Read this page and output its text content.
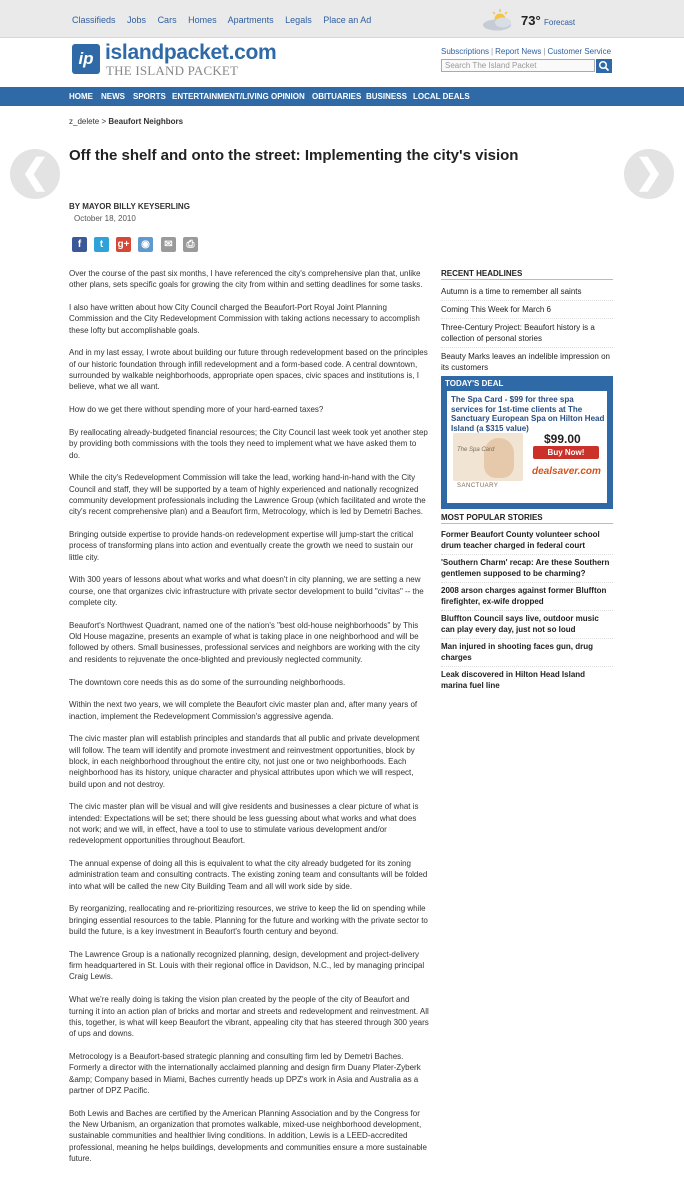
Classifieds Jobs Cars Homes Apartments Legals Place an Ad	73° Forecast
ip islandpacket.com
THE ISLAND PACKET
Subscriptions | Report News | Customer Service
Search The Island Packet
HOME NEWS SPORTS ENTERTAINMENT/LIVING OPINION OBITUARIES BUSINESS LOCAL DEALS
z_delete > Beaufort Neighbors
❮	❯
Off the shelf and onto the street: Implementing the city's vision
BY MAYOR BILLY KEYSERLING
October 18, 2010
f	t	g+	◉	✉	⎙

Over the course of the past six months, I have referenced the city's comprehensive plan that, unlike other plans, sets specific goals for growing the city from within and setting deadlines for some tasks.

I also have written about how City Council charged the Beaufort-Port Royal Joint Planning Commission and the City Redevelopment Commission with taking actions necessary to accomplish these lofty but accomplishable goals.

And in my last essay, I wrote about building our future through redevelopment based on the principles of our historic foundation through infill redevelopment and a form-based code. A central downtown, surrounded by walkable neighborhoods, appropriate open spaces, civic spaces and institutions is, I believe, what we all want.

How do we get there without spending more of your hard-earned taxes?

By reallocating already-budgeted financial resources; the City Council last week took yet another step by providing both commissions with the tools they need to implement what we have asked them to do.

While the city's Redevelopment Commission will take the lead, working hand-in-hand with the City Council and staff, they will be supported by a team of highly experienced and nationally recognized community development professionals including the Lawrence Group (which facilitated and wrote the city's recent comprehensive plan) and a Beaufort firm, Metrocology, which is led by Demetri Baches.

Bringing outside expertise to provide hands-on redevelopment expertise will jump-start the critical process of transforming plans into action and eventually create the growth we need to sustain our little city.

With 300 years of lessons about what works and what doesn't in city planning, we are setting a new course, one that organizes civic infrastructure with private sector development to build "civitas" -- the complete city.

Beaufort's Northwest Quadrant, named one of the nation's "best old-house neighborhoods" by This Old House magazine, presents an example of what is taking place in one neighborhood and will be followed by others. Small businesses, professional services and neighbors are working with the city and residents to rejuvenate the once-blighted and previously neglected community.

The downtown core needs this as do some of the surrounding neighborhoods.

Within the next two years, we will complete the Beaufort civic master plan and, after many years of inaction, implement the Redevelopment Commission's aggressive agenda.

The civic master plan will establish principles and standards that all public and private development will follow. The team will identify and promote investment and reinvestment opportunities, block by block, in each neighborhood throughout the entire city, not just one or two neighborhoods. Each neighborhood has its history, unique character and physical attributes upon which we will respect, build upon and not destroy.

The civic master plan will be visual and will give residents and businesses a clear picture of what is intended: Expectations will be set; there should be less guessing about what works and what does not work; and we will, in effect, have a tool to use to stimulate various development and/or redevelopment opportunities throughout Beaufort.

The annual expense of doing all this is equivalent to what the city already budgeted for its zoning administration team and consulting contracts. The existing zoning team and consultants will be folded into what will be called the new City Building Team and all will work side by side.

By reorganizing, reallocating and re-prioritizing resources, we strive to keep the lid on spending while bringing essential resources to the table. Planning for the future and working with the private sector to build the future, is a key investment in Beaufort's fourth century and beyond.

The Lawrence Group is a nationally recognized planning, design, development and project-delivery firm headquartered in St. Louis with their regional office in Davidson, N.C., led by managing principal Craig Lewis.

What we're really doing is taking the vision plan created by the people of the city of Beaufort and turning it into an action plan of bricks and mortar and streets and redevelopment and reinvestment. All this, together, is what will keep Beaufort the vibrant, appealing city that has steered through 300 years of ups and downs.

Metrocology is a Beaufort-based strategic planning and consulting firm led by Demetri Baches. Formerly a director with the internationally acclaimed planning and design firm Duany Plater-Zyberk &amp; Company based in Miami, Baches currently heads up DPZ's work in Asia and Australia as a partner of DPZ Pacific.

Both Lewis and Baches are certified by the American Planning Association and by the Congress for the New Urbanism, an organization that promotes walkable, mixed-use neighborhood development, sustainable communities and healthier living conditions. In addition, Lewis is a LEED-accredited professional, meaning he helps buildings, developments and communities ensure a more sustainable future.

RECENT HEADLINES
Autumn is a time to remember all saints
Coming This Week for March 6
Three-Century Project: Beaufort history is a collection of personal stories
Beauty Marks leaves an indelible impression on its customers
TODAY'S DEAL
The Spa Card - $99 for three spa services for 1st-time clients at The Sanctuary European Spa on Hilton Head Island (a $315 value)
The Spa Card
SANCTUARY
$99.00
Buy Now!
dealsaver.com
MOST POPULAR STORIES
Former Beaufort County volunteer school drum teacher charged in federal court
'Southern Charm' recap: Are these Southern gentlemen supposed to be charming?
2008 arson charges against former Bluffton firefighter, ex-wife dropped
Bluffton Council says live, outdoor music can play every day, just not so loud
Man injured in shooting faces gun, drug charges
Leak discovered in Hilton Head Island marina fuel line
